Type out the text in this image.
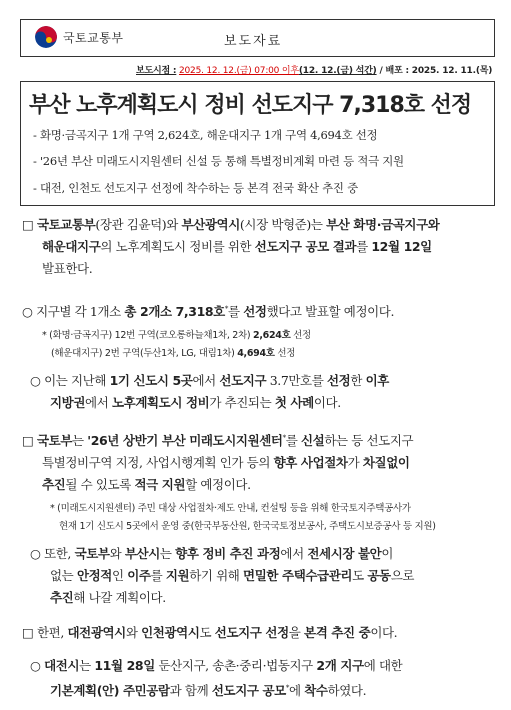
국토교통부	보도자료
보도시점 : 2025. 12. 12.(금) 07:00 이후(12. 12.(금) 석간) / 배포 : 2025. 12. 11.(목)
부산 노후계획도시 정비 선도지구 7,318호 선정
- 화명·금곡지구 1개 구역 2,624호, 해운대지구 1개 구역 4,694호 선정
- '26년 부산 미래도시지원센터 신설 등 통해 특별정비계획 마련 등 적극 지원
- 대전, 인천도 선도지구 선정에 착수하는 등 본격 전국 확산 추진 중
□ 국토교통부(장관 김윤덕)와 부산광역시(시장 박형준)는 부산 화명·금곡지구와
해운대지구의 노후계획도시 정비를 위한 선도지구 공모 결과를 12월 12일
발표한다.
○ 지구별 각 1개소 총 2개소 7,318호*를 선정했다고 발표할 예정이다.
* (화명·금곡지구) 12번 구역(코오롱하늘채1차, 2차) 2,624호 선정
(해운대지구) 2번 구역(두산1차, LG, 대림1차) 4,694호 선정
○ 이는 지난해 1기 신도시 5곳에서 선도지구 3.7만호를 선정한 이후
지방권에서 노후계획도시 정비가 추진되는 첫 사례이다.
□ 국토부는 '26년 상반기 부산 미래도시지원센터*를 신설하는 등 선도지구
특별정비구역 지정, 사업시행계획 인가 등의 향후 사업절차가 차질없이
추진될 수 있도록 적극 지원할 예정이다.
* (미래도시지원센터) 주민 대상 사업절차·제도 안내, 컨설팅 등을 위해 한국토지주택공사가
현재 1기 신도시 5곳에서 운영 중(한국부동산원, 한국국토정보공사, 주택도시보증공사 등 지원)
○ 또한, 국토부와 부산시는 향후 정비 추진 과정에서 전세시장 불안이
없는 안정적인 이주를 지원하기 위해 면밀한 주택수급관리도 공동으로
추진해 나갈 계획이다.
□ 한편, 대전광역시와 인천광역시도 선도지구 선정을 본격 추진 중이다.
○ 대전시는 11월 28일 둔산지구, 송촌·중리·법동지구 2개 지구에 대한
기본계획(안) 주민공람과 함께 선도지구 공모*에 착수하였다.
